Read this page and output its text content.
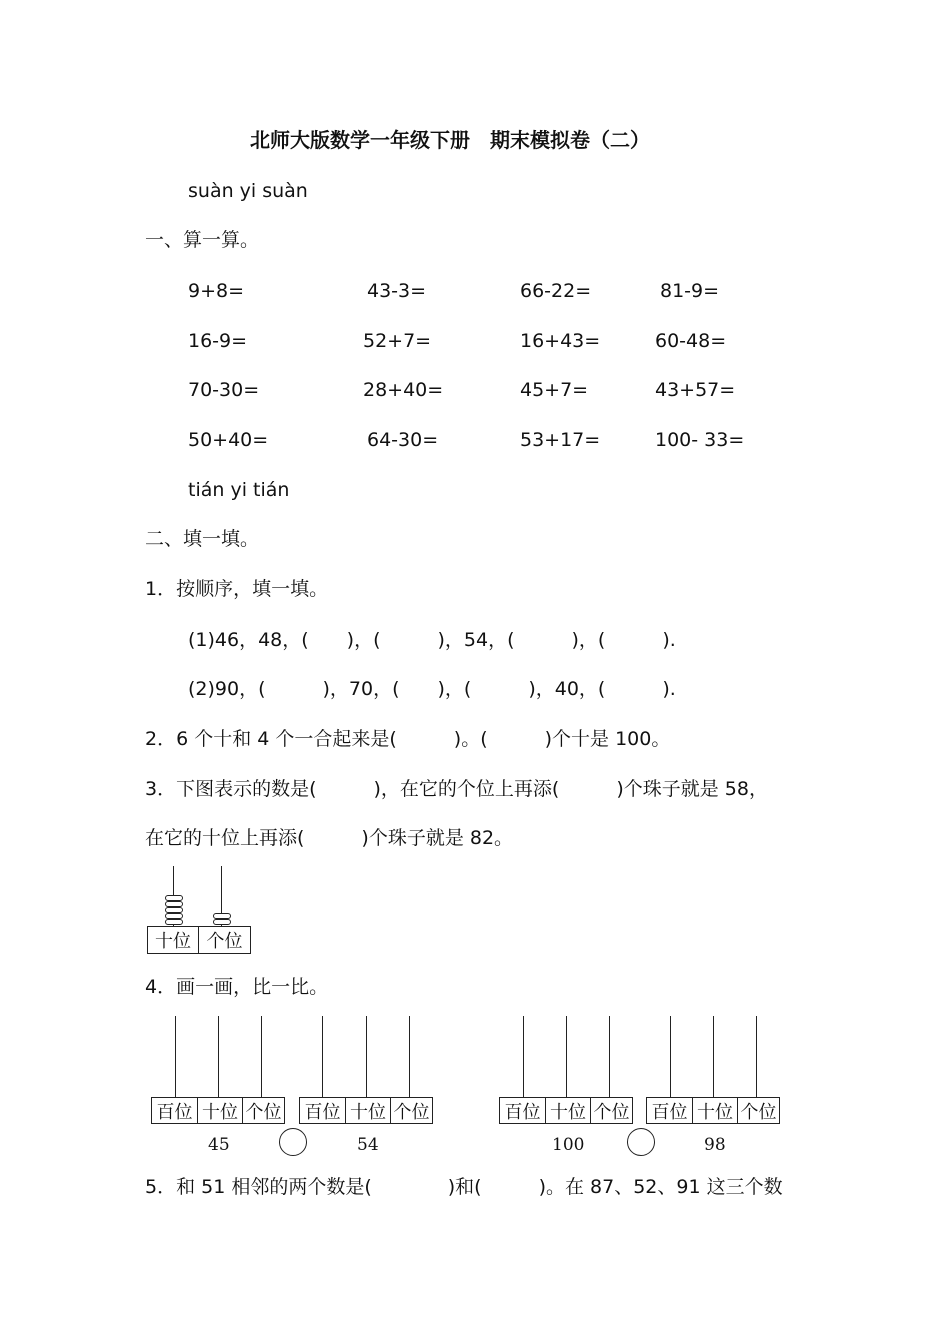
北师大版数学一年级下册　期末模拟卷（二）
suàn yi suàn
一、算一算。
9+8=	43-3=	66-22=	81-9=
16-9=	52+7=	16+43=	60-48=
70-30=	28+40=	45+7=	43+57=
50+40=	64-30=	53+17=	100- 33=
tián yi tián
二、填一填。
1．按顺序，填一填。
(1)46，48，(　　)，(　　　)，54，(　　　)，(　　　).
(2)90，(　　　)，70，(　　)，(　　　)，40，(　　　).
2．6 个十和 4 个一合起来是(　　　)。(　　　)个十是 100。
3．下图表示的数是(　　　)，在它的个位上再添(　　　)个珠子就是 58，
在它的十位上再添(　　　)个珠子就是 82。
十位 个位
4．画一画，比一比。
百位 十位 个位
45
百位 十位 个位
54
百位 十位 个位
100
百位 十位 个位
98
5．和 51 相邻的两个数是(　　　　)和(　　　)。在 87、52、91 这三个数
